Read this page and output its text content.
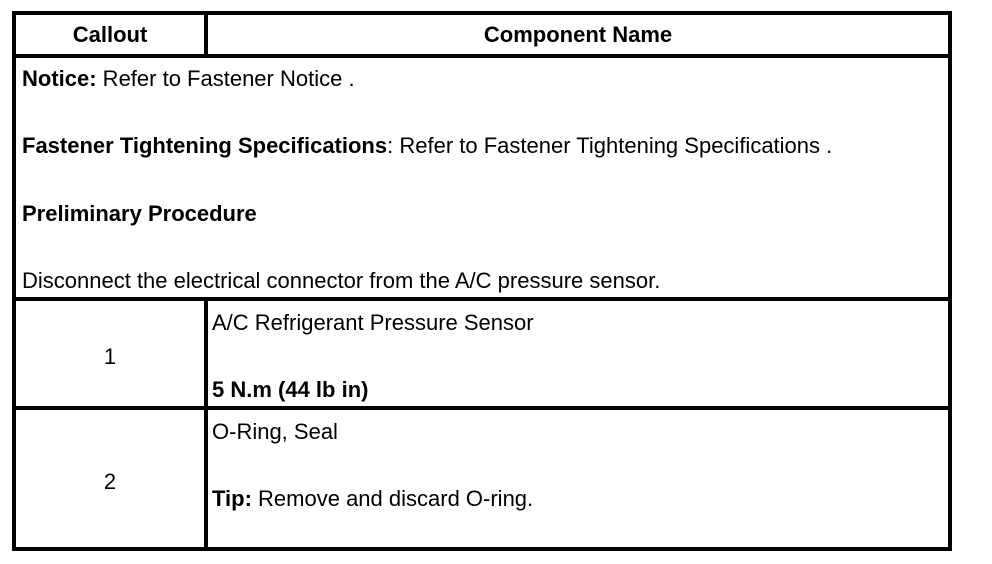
Callout	Component Name
Notice: Refer to Fastener Notice .
Fastener Tightening Specifications: Refer to Fastener Tightening Specifications .
Preliminary Procedure
Disconnect the electrical connector from the A/C pressure sensor.
1
A/C Refrigerant Pressure Sensor
5 N.m (44 lb in)
2
O-Ring, Seal
Tip: Remove and discard O-ring.
